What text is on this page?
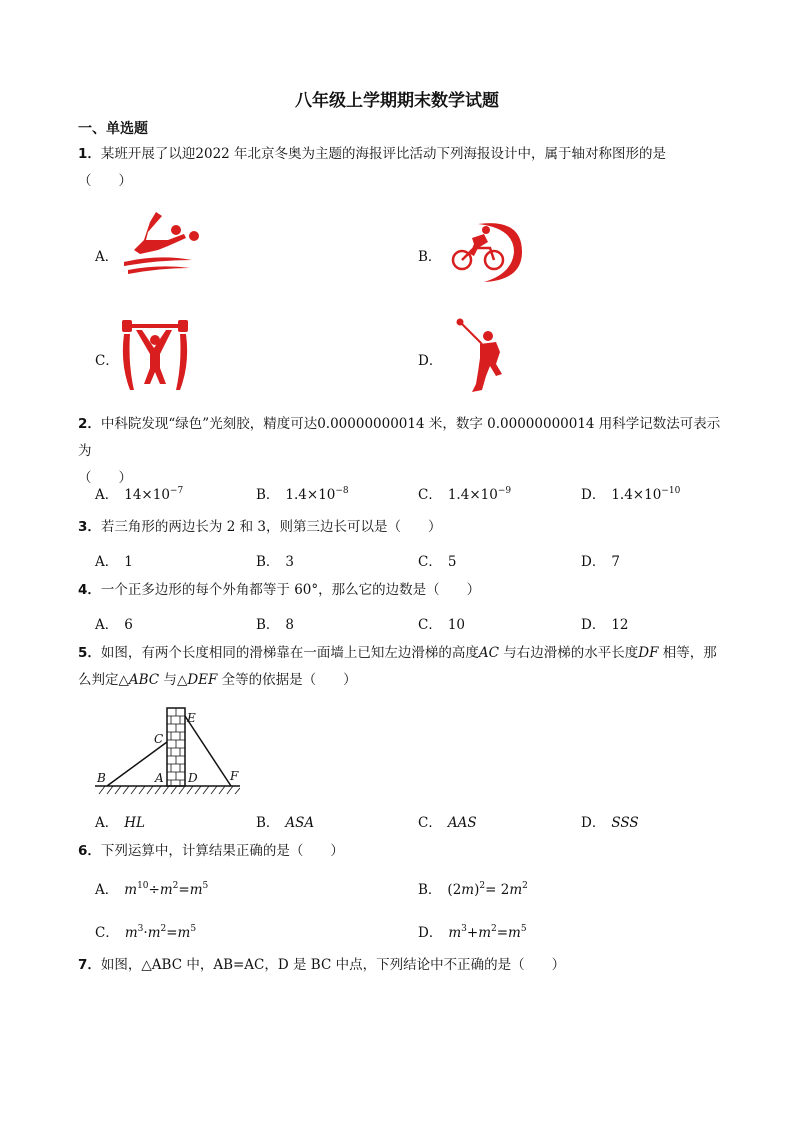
八年级上学期期末数学试题
一、单选题
1．某班开展了以迎2022 年北京冬奥为主题的海报评比活动下列海报设计中，属于轴对称图形的是
（　　）
A．	B．
C．	D．
2．中科院发现“绿色”光刻胶，精度可达0.00000000014 米，数字 0.00000000014 用科学记数法可表示为
（　　）
A． $14\times 10^{-7}$	B． $1.4\times 10^{-8}$	C． $1.4\times 10^{-9}$	D． $1.4\times 10^{-10}$
3．若三角形的两边长为 2 和 3，则第三边长可以是（　　）
A． 1	B． 3	C． 5	D． 7
4．一个正多边形的每个外角都等于 60°，那么它的边数是（　　）
A． 6	B． 8	C． 10	D． 12
5．如图，有两个长度相同的滑梯靠在一面墙上已知左边滑梯的高度AC 与右边滑梯的水平长度DF 相等，那么判定△ABC 与△DEF 全等的依据是（　　）
B	A
C
D
E
F
A． HL	B． ASA	C． AAS	D． SSS
6．下列运算中，计算结果正确的是（　　）
A． $m^{10}\div m^2=m^5$	B． $(2m)^2= 2m^2$
C． $m^3\cdot m^2=m^5$	D． $m^3+m^2=m^5$
7．如图，△ABC 中，AB=AC，D 是 BC 中点，下列结论中不正确的是（　　）
